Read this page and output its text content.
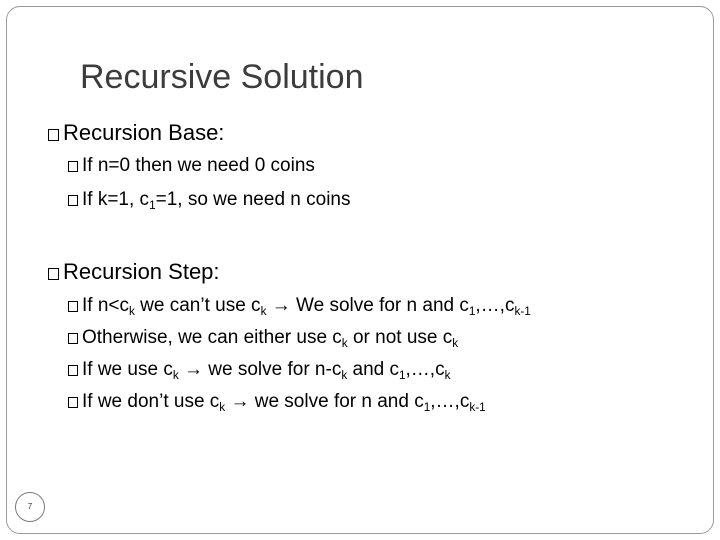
Recursive Solution
Recursion Base:
If n=0 then we need 0 coins
If k=1, $c_1=1$, so we need n coins
Recursion Step:
If $n<c_k$ we can’t use $c_k \to We$ solve for n and $c_1,\dots,c_{k-1}$
Otherwise, we can either use $c_k$ or not use $c_k$
If we use $c_k$ → we solve for $n-c_k$ and $c_1,\dots,c_k$
If we don’t use $c_k$ → we solve for n and $c_1,\dots,c_{k-1}$
7
